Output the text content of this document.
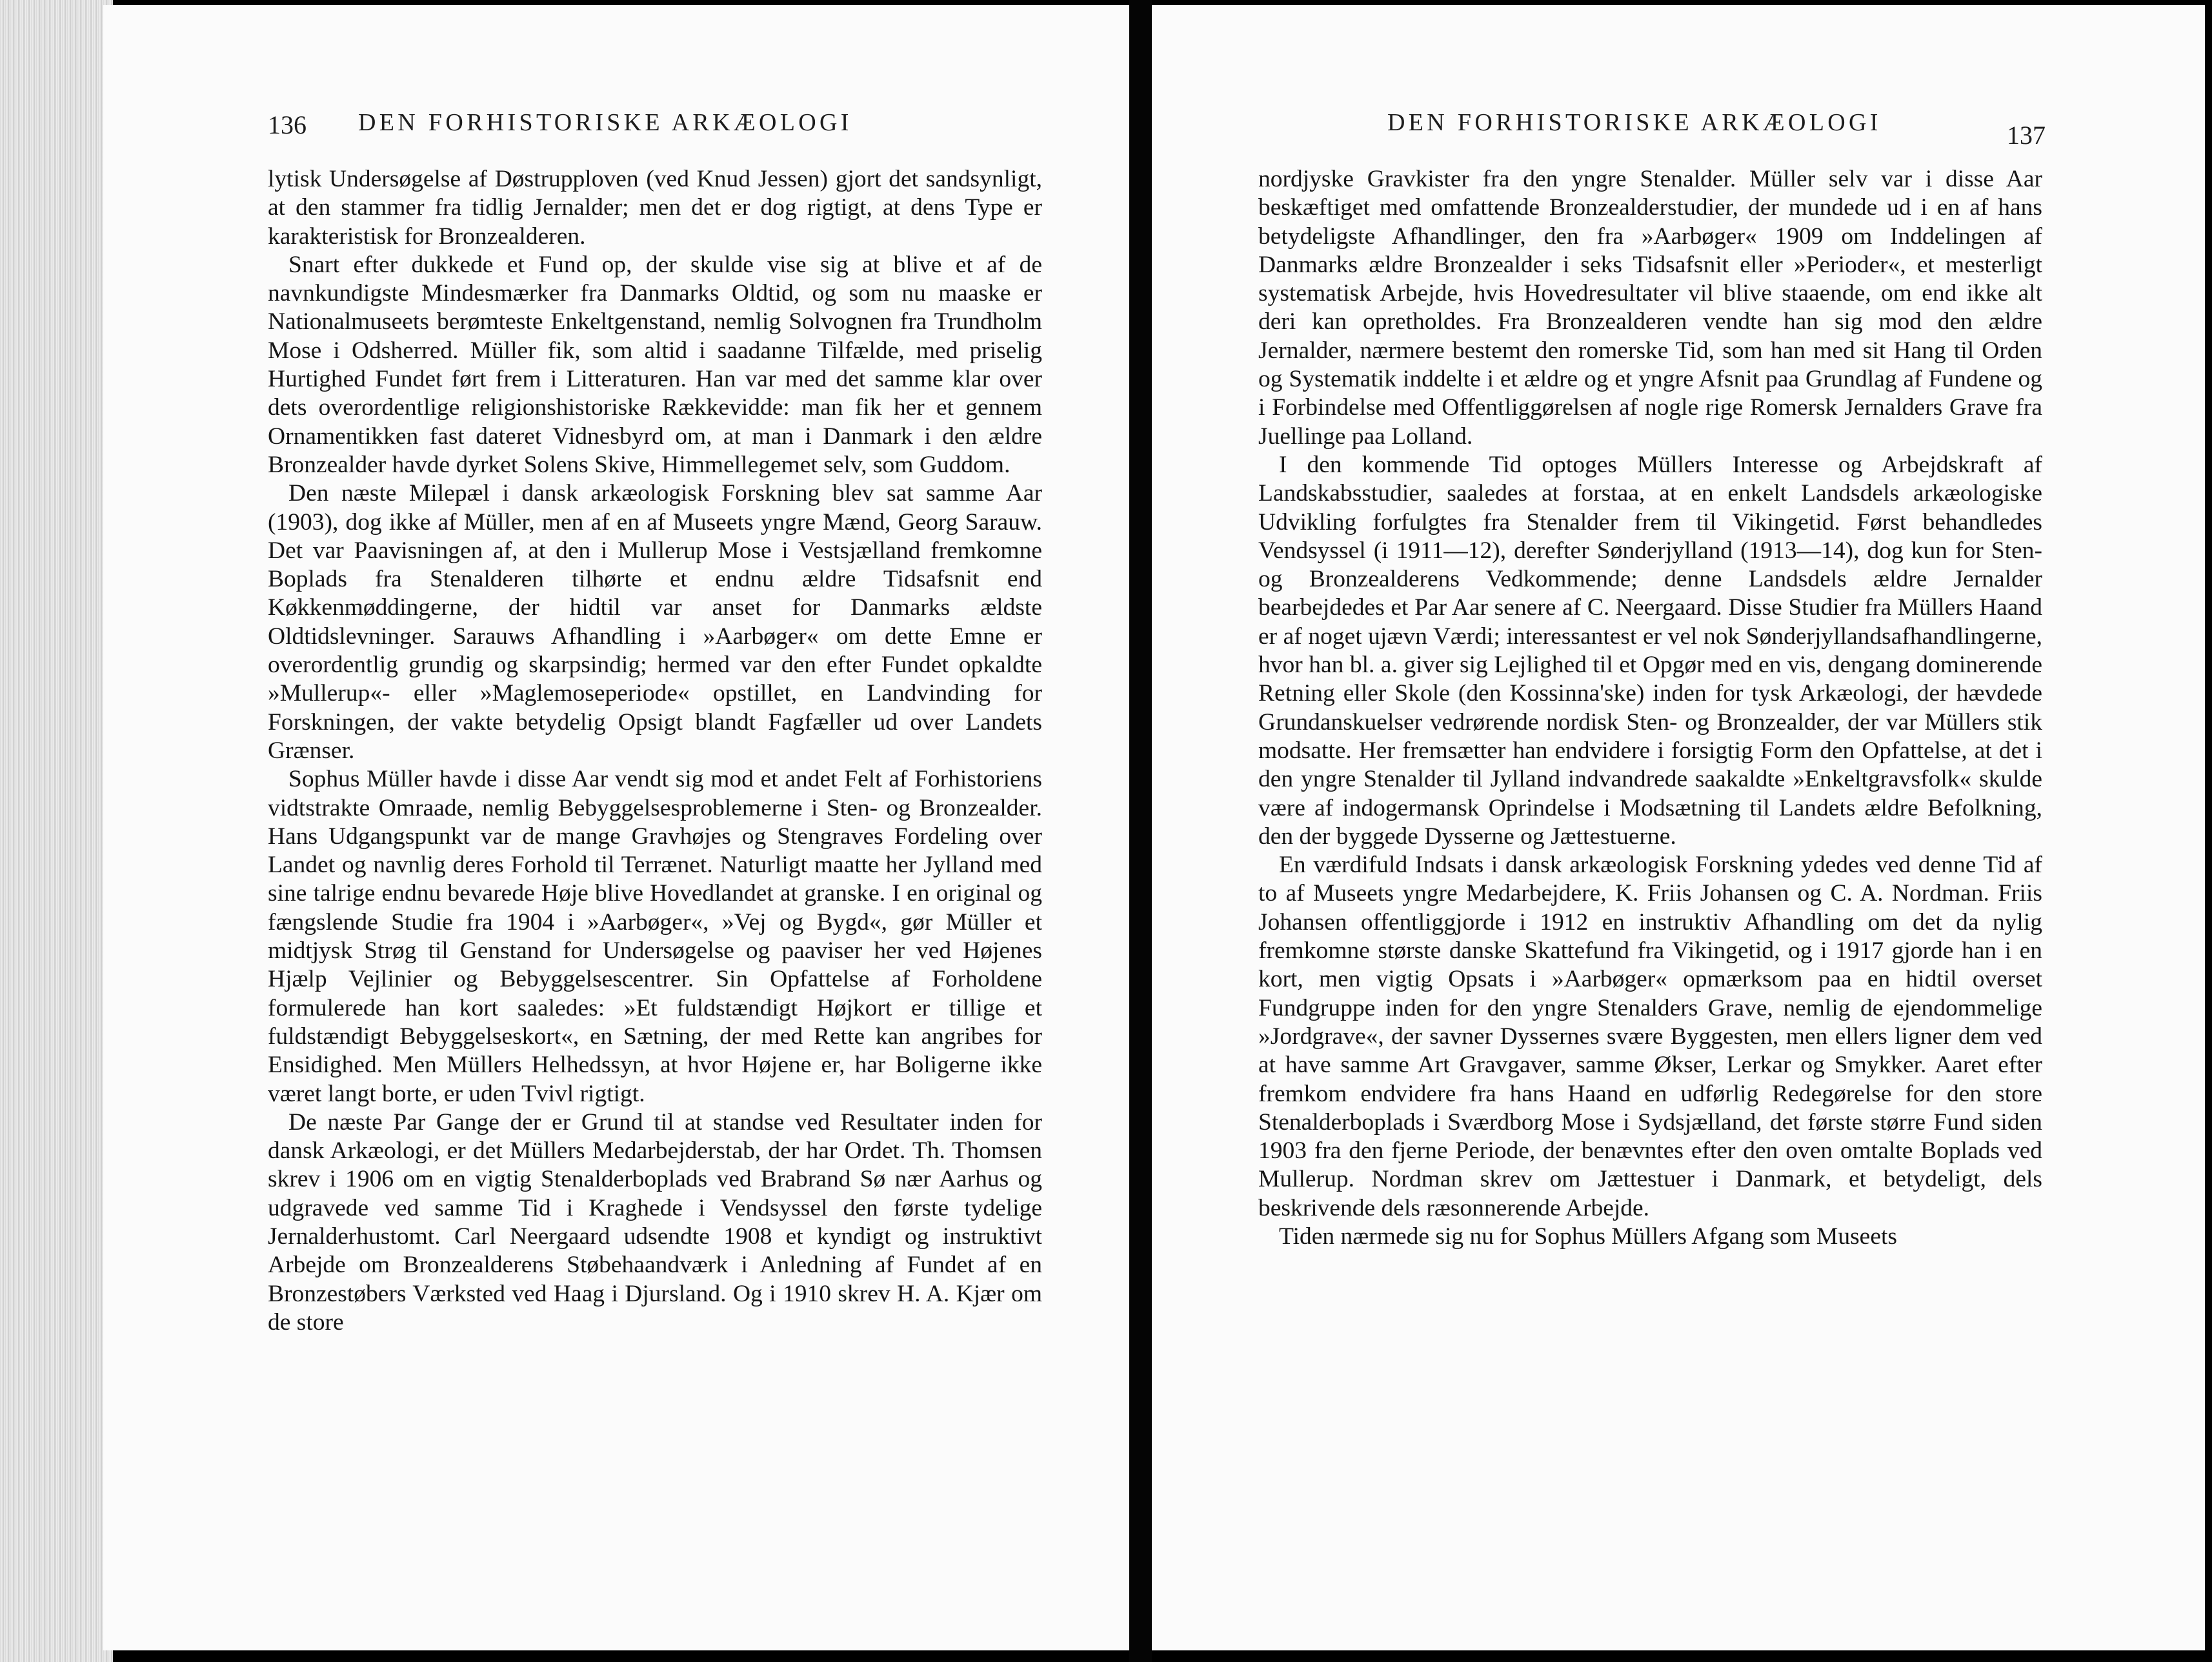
136 DEN FORHISTORISKE ARKÆOLOGI

lytisk Undersøgelse af Døstrupploven (ved Knud Jessen) gjort det sandsynligt, at den stammer fra tidlig Jernalder; men det er dog rigtigt, at dens Type er karakteristisk for Bronzealderen.

Snart efter dukkede et Fund op, der skulde vise sig at blive et af de navnkundigste Mindesmærker fra Danmarks Oldtid, og som nu maaske er Nationalmuseets berømteste Enkeltgenstand, nemlig Solvognen fra Trundholm Mose i Odsherred. Müller fik, som altid i saadanne Tilfælde, med priselig Hurtighed Fundet ført frem i Litteraturen. Han var med det samme klar over dets overordentlige religionshistoriske Rækkevidde: man fik her et gennem Ornamentikken fast dateret Vidnesbyrd om, at man i Danmark i den ældre Bronzealder havde dyrket Solens Skive, Himmellegemet selv, som Guddom.

Den næste Milepæl i dansk arkæologisk Forskning blev sat samme Aar (1903), dog ikke af Müller, men af en af Museets yngre Mænd, Georg Sarauw. Det var Paavisningen af, at den i Mullerup Mose i Vestsjælland fremkomne Boplads fra Stenalderen tilhørte et endnu ældre Tidsafsnit end Køkkenmøddingerne, der hidtil var anset for Danmarks ældste Oldtidslevninger. Sarauws Afhandling i »Aarbøger« om dette Emne er overordentlig grundig og skarpsindig; hermed var den efter Fundet opkaldte »Mullerup«- eller »Maglemoseperiode« opstillet, en Landvinding for Forskningen, der vakte betydelig Opsigt blandt Fagfæller ud over Landets Grænser.

Sophus Müller havde i disse Aar vendt sig mod et andet Felt af Forhistoriens vidtstrakte Omraade, nemlig Bebyggelsesproblemerne i Sten- og Bronzealder. Hans Udgangspunkt var de mange Gravhøjes og Stengraves Fordeling over Landet og navnlig deres Forhold til Terrænet. Naturligt maatte her Jylland med sine talrige endnu bevarede Høje blive Hovedlandet at granske. I en original og fængslende Studie fra 1904 i »Aarbøger«, »Vej og Bygd«, gør Müller et midtjysk Strøg til Genstand for Undersøgelse og paaviser her ved Højenes Hjælp Vejlinier og Bebyggelsescentrer. Sin Opfattelse af Forholdene formulerede han kort saaledes: »Et fuldstændigt Højkort er tillige et fuldstændigt Bebyggelseskort«, en Sætning, der med Rette kan angribes for Ensidighed. Men Müllers Helhedssyn, at hvor Højene er, har Boligerne ikke været langt borte, er uden Tvivl rigtigt.

De næste Par Gange der er Grund til at standse ved Resultater inden for dansk Arkæologi, er det Müllers Medarbejderstab, der har Ordet. Th. Thomsen skrev i 1906 om en vigtig Stenalderboplads ved Brabrand Sø nær Aarhus og udgravede ved samme Tid i Kraghede i Vendsyssel den første tydelige Jernalderhustomt. Carl Neergaard udsendte 1908 et kyndigt og instruktivt Arbejde om Bronzealderens Støbehaandværk i Anledning af Fundet af en Bronzestøbers Værksted ved Haag i Djursland. Og i 1910 skrev H. A. Kjær om de store

DEN FORHISTORISKE ARKÆOLOGI	137

nordjyske Gravkister fra den yngre Stenalder. Müller selv var i disse Aar beskæftiget med omfattende Bronzealderstudier, der mundede ud i en af hans betydeligste Afhandlinger, den fra »Aarbøger« 1909 om Inddelingen af Danmarks ældre Bronzealder i seks Tidsafsnit eller »Perioder«, et mesterligt systematisk Arbejde, hvis Hovedresultater vil blive staaende, om end ikke alt deri kan opretholdes. Fra Bronzealderen vendte han sig mod den ældre Jernalder, nærmere bestemt den romerske Tid, som han med sit Hang til Orden og Systematik inddelte i et ældre og et yngre Afsnit paa Grundlag af Fundene og i Forbindelse med Offentliggørelsen af nogle rige Romersk Jernalders Grave fra Juellinge paa Lolland.

I den kommende Tid optoges Müllers Interesse og Arbejdskraft af Landskabsstudier, saaledes at forstaa, at en enkelt Landsdels arkæologiske Udvikling forfulgtes fra Stenalder frem til Vikingetid. Først behandledes Vendsyssel (i 1911—12), derefter Sønderjylland (1913—14), dog kun for Sten- og Bronzealderens Vedkommende; denne Landsdels ældre Jernalder bearbejdedes et Par Aar senere af C. Neergaard. Disse Studier fra Müllers Haand er af noget ujævn Værdi; interessantest er vel nok Sønderjyllandsafhandlingerne, hvor han bl. a. giver sig Lejlighed til et Opgør med en vis, dengang dominerende Retning eller Skole (den Kossinna'ske) inden for tysk Arkæologi, der hævdede Grundanskuelser vedrørende nordisk Sten- og Bronzealder, der var Müllers stik modsatte. Her fremsætter han endvidere i forsigtig Form den Opfattelse, at det i den yngre Stenalder til Jylland indvandrede saakaldte »Enkeltgravsfolk« skulde være af indogermansk Oprindelse i Modsætning til Landets ældre Befolkning, den der byggede Dysserne og Jættestuerne.

En værdifuld Indsats i dansk arkæologisk Forskning ydedes ved denne Tid af to af Museets yngre Medarbejdere, K. Friis Johansen og C. A. Nordman. Friis Johansen offentliggjorde i 1912 en instruktiv Afhandling om det da nylig fremkomne største danske Skattefund fra Vikingetid, og i 1917 gjorde han i en kort, men vigtig Opsats i »Aarbøger« opmærksom paa en hidtil overset Fundgruppe inden for den yngre Stenalders Grave, nemlig de ejendommelige »Jordgrave«, der savner Dyssernes svære Byggesten, men ellers ligner dem ved at have samme Art Gravgaver, samme Økser, Lerkar og Smykker. Aaret efter fremkom endvidere fra hans Haand en udførlig Redegørelse for den store Stenalderboplads i Sværdborg Mose i Sydsjælland, det første større Fund siden 1903 fra den fjerne Periode, der benævntes efter den oven omtalte Boplads ved Mullerup. Nordman skrev om Jættestuer i Danmark, et betydeligt, dels beskrivende dels ræsonnerende Arbejde.

Tiden nærmede sig nu for Sophus Müllers Afgang som Museets
